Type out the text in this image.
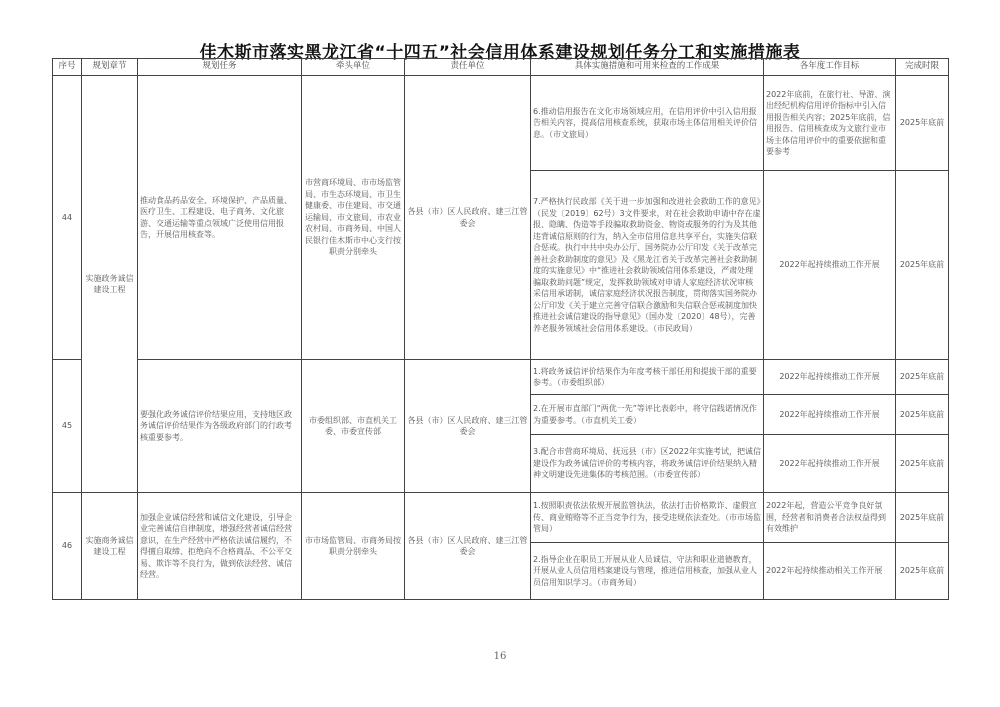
佳木斯市落实黑龙江省“十四五”社会信用体系建设规划任务分工和实施措施表
序号	规划章节	规划任务	牵头单位	责任单位	具体实施措施和可用来检查的工作成果	各年度工作目标	完成时限
44	实施政务诚信建设工程	推动食品药品安全、环境保护、产品质量、医疗卫生、工程建设、电子商务、文化旅游、交通运输等重点领域广泛使用信用报告，开展信用核查等。	市营商环境局、市市场监管局、市生态环境局、市卫生健康委、市住建局、市交通运输局、市文旅局、市农业农村局、市商务局、中国人民银行佳木斯市中心支行按职责分别牵头	各县（市）区人民政府、建三江管委会	6.推动信用报告在文化市场领域应用，在信用评价中引入信用报告相关内容，提高信用核查系统，获取市场主体信用相关评价信息。（市文旅局）	2022年底前，在旅行社、导游、演出经纪机构信用评价指标中引入信用报告相关内容；2025年底前，信用报告、信用核查成为文旅行业市场主体信用评价中的重要依据和重要参考	2025年底前
					7.严格执行民政部《关于进一步加强和改进社会救助工作的意见》（民发〔2019〕62号）3文件要求，对在社会救助申请中存在虚报、隐瞒、伪造等手段骗取救助资金、物资或服务的行为及其他违背诚信原则的行为，纳入全市信用信息共享平台，实施失信联合惩戒。执行中共中央办公厅、国务院办公厅印发《关于改革完善社会救助制度的意见》及《黑龙江省关于改革完善社会救助制度的实施意见》中“推进社会救助领域信用体系建设，严肃处理骗取救助问题”规定，发挥救助领域对申请人家庭经济状况审核采信用承诺制，诚信家庭经济状况报告制度，贯彻落实国务院办公厅印发《关于建立完善守信联合激励和失信联合惩戒制度加快推进社会诚信建设的指导意见》（国办发〔2020〕48号），完善养老服务领域社会信用体系建设。（市民政局）	2022年起持续推动工作开展	2025年底前
45		要强化政务诚信评价结果应用，支持地区政务诚信评价结果作为各级政府部门的行政考核重要参考。	市委组织部、市直机关工委、市委宣传部	各县（市）区人民政府、建三江管委会	1.将政务诚信评价结果作为年度考核干部任用和提拔干部的重要参考。（市委组织部）	2022年起持续推动工作开展	2025年底前
					2.在开展市直部门“两优一先”等评比表彰中，将守信践诺情况作为重要参考。（市直机关工委）	2022年起持续推动工作开展	2025年底前
					3.配合市营商环境局、抚远县（市）区2022年实施考试，把诚信建设作为政务诚信评价的考核内容，将政务诚信评价结果纳入精神文明建设先进集体的考核范围。（市委宣传部）	2022年起持续推动工作开展	2025年底前
46	实施商务诚信建设工程	加强企业诚信经营和诚信文化建设，引导企业完善诚信自律制度，增强经营者诚信经营意识，在生产经营中严格依法诚信履约，不得擅自取缔、拒绝向不合格商品、不公平交易、欺诈等不良行为，做到依法经营、诚信经营。	市市场监管局、市商务局按职责分别牵头	各县（市）区人民政府、建三江管委会	1.按照职责依法依规开展监管执法，依法打击价格欺诈、虚假宣传、商业贿赂等不正当竞争行为，接受违规依法查处。（市市场监管局）	2022年起，营造公平竞争良好氛围，经营者和消费者合法权益得到有效维护	2025年底前
					2.指导企业在职员工开展从业人员诚信、守法和职业道德教育，开展从业人员信用档案建设与管理，推进信用核查，加强从业人员信用知识学习。（市商务局）	2022年起持续推动相关工作开展	2025年底前
16
